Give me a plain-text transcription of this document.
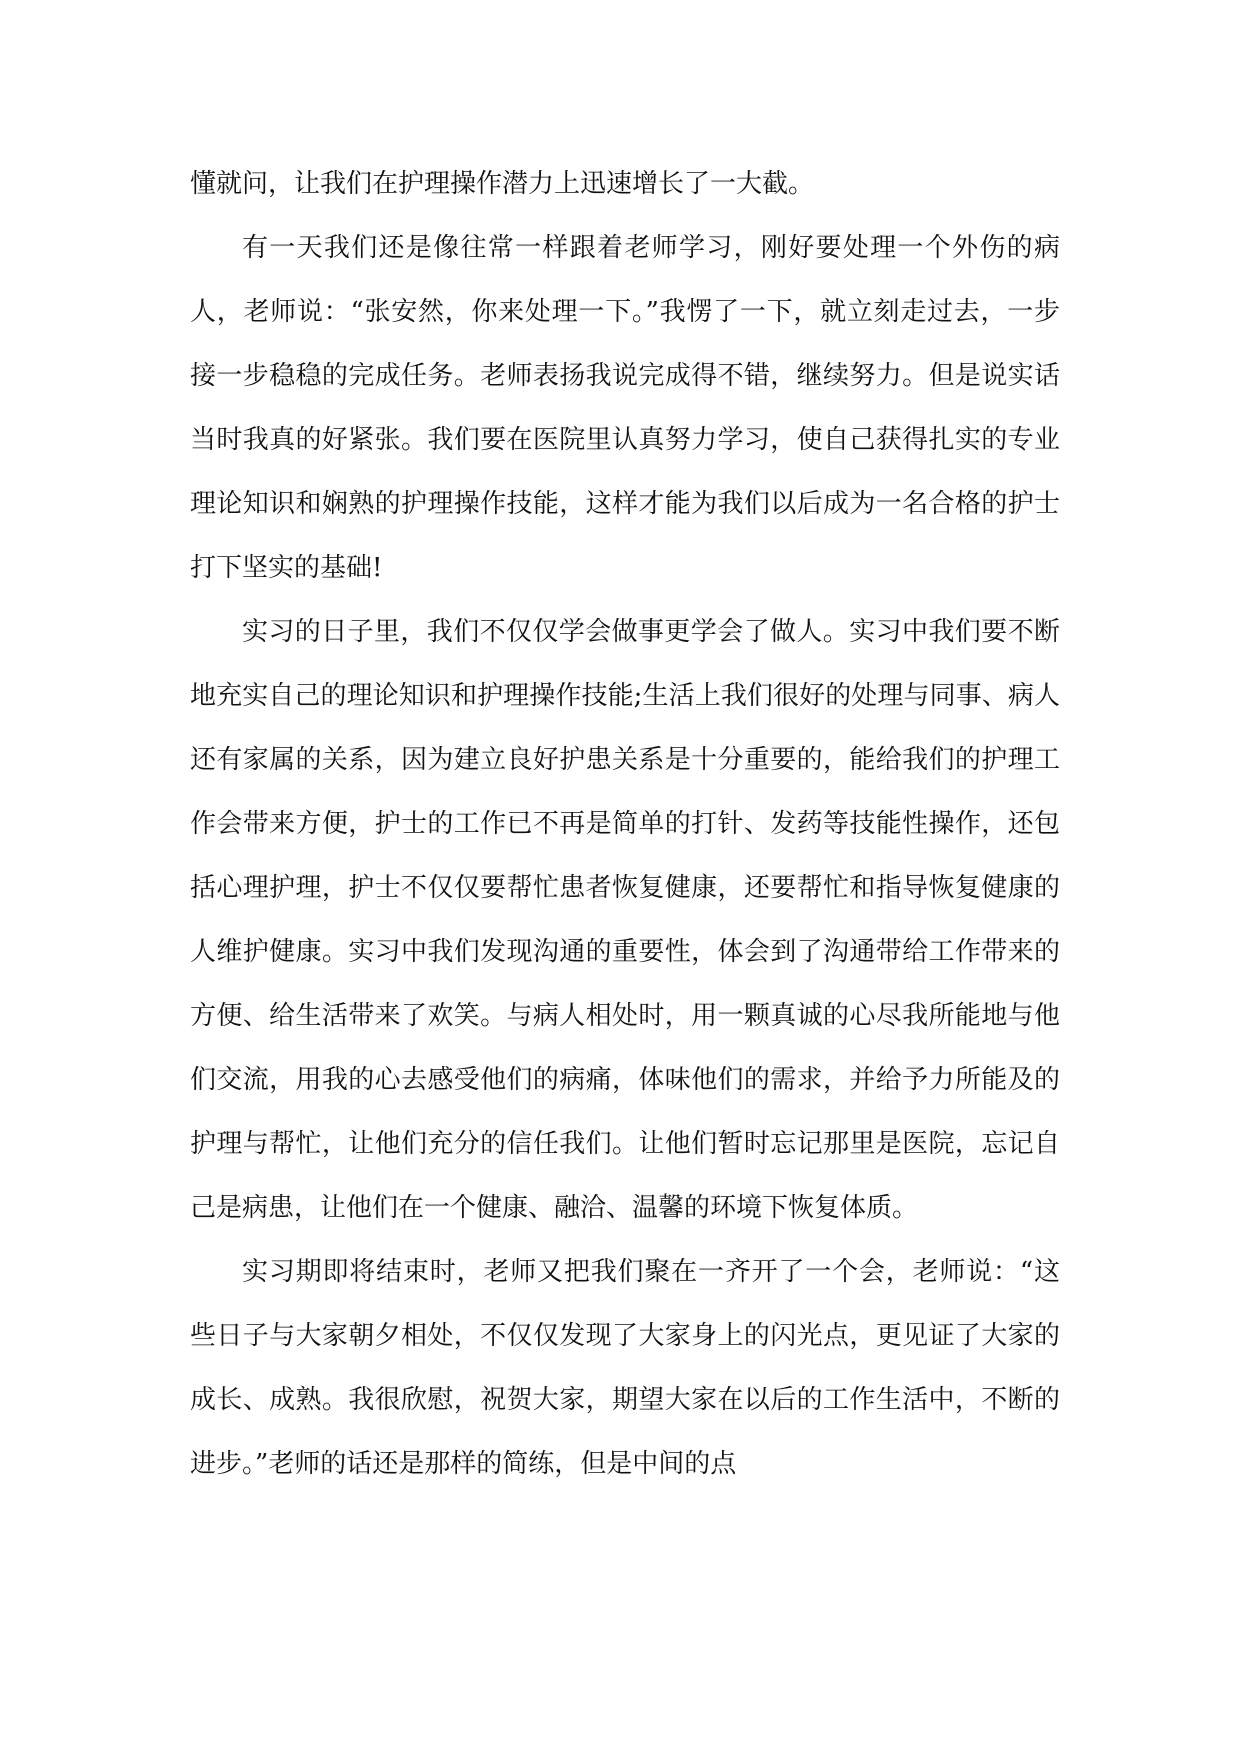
懂就问，让我们在护理操作潜力上迅速增长了一大截。

有一天我们还是像往常一样跟着老师学习，刚好要处理一个外伤的病人，老师说：“张安然，你来处理一下。”我愣了一下，就立刻走过去，一步接一步稳稳的完成任务。老师表扬我说完成得不错，继续努力。但是说实话当时我真的好紧张。我们要在医院里认真努力学习，使自己获得扎实的专业理论知识和娴熟的护理操作技能，这样才能为我们以后成为一名合格的护士打下坚实的基础!

实习的日子里，我们不仅仅学会做事更学会了做人。实习中我们要不断地充实自己的理论知识和护理操作技能;生活上我们很好的处理与同事、病人还有家属的关系，因为建立良好护患关系是十分重要的，能给我们的护理工作会带来方便，护士的工作已不再是简单的打针、发药等技能性操作，还包括心理护理，护士不仅仅要帮忙患者恢复健康，还要帮忙和指导恢复健康的人维护健康。实习中我们发现沟通的重要性，体会到了沟通带给工作带来的方便、给生活带来了欢笑。与病人相处时，用一颗真诚的心尽我所能地与他们交流，用我的心去感受他们的病痛，体味他们的需求，并给予力所能及的护理与帮忙，让他们充分的信任我们。让他们暂时忘记那里是医院，忘记自己是病患，让他们在一个健康、融洽、温馨的环境下恢复体质。

实习期即将结束时，老师又把我们聚在一齐开了一个会，老师说：“这些日子与大家朝夕相处，不仅仅发现了大家身上的闪光点，更见证了大家的成长、成熟。我很欣慰，祝贺大家，期望大家在以后的工作生活中，不断的进步。”老师的话还是那样的简练，但是中间的点
